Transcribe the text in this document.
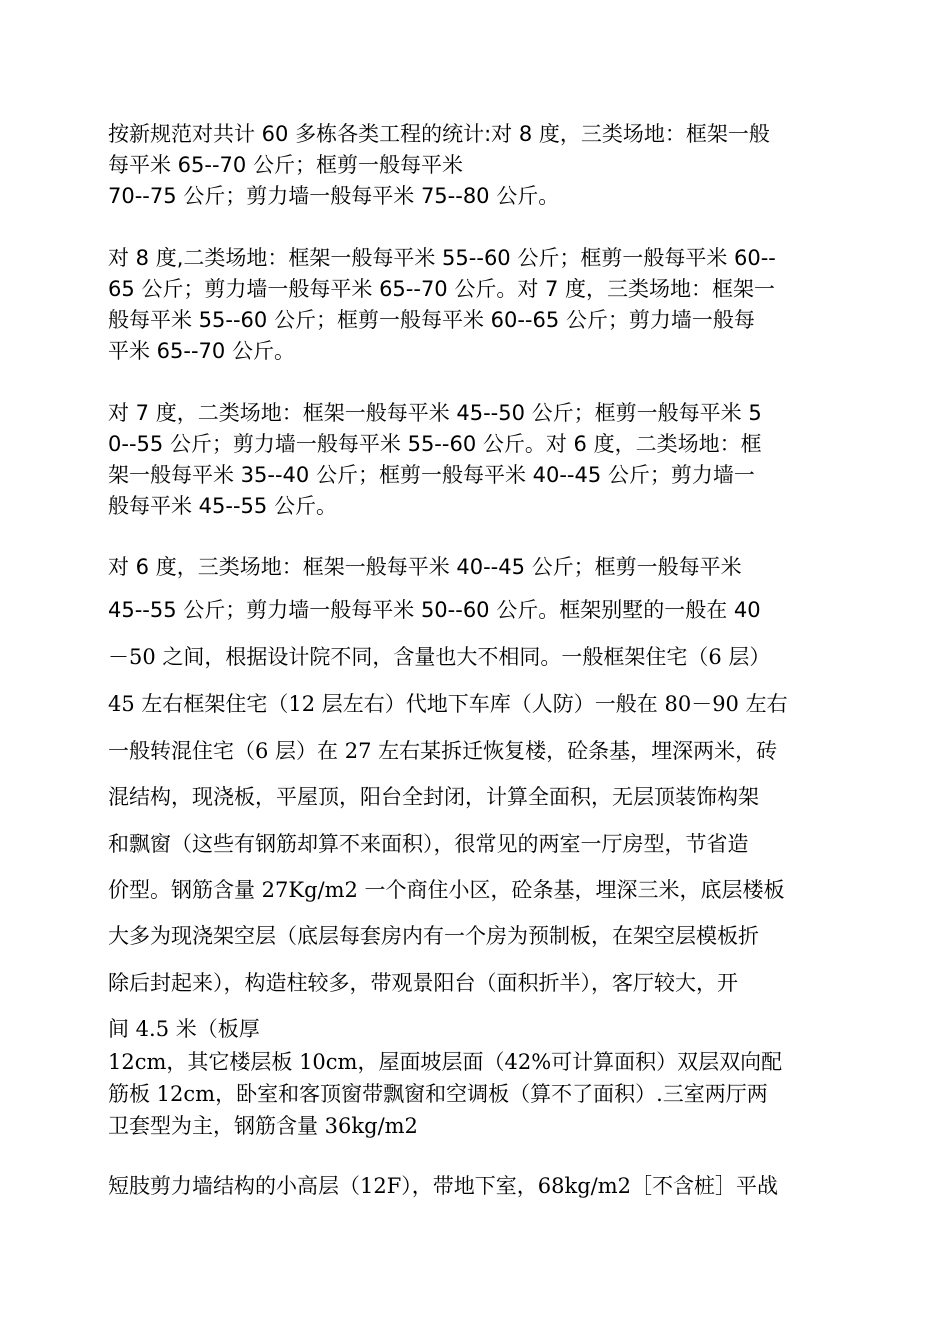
按新规范对共计 60 多栋各类工程的统计:对 8 度，三类场地：框架一般
每平米 65--70 公斤；框剪一般每平米
70--75 公斤；剪力墙一般每平米 75--80 公斤。
对 8 度,二类场地：框架一般每平米 55--60 公斤；框剪一般每平米 60--
65 公斤；剪力墙一般每平米 65--70 公斤。对 7 度，三类场地：框架一
般每平米 55--60 公斤；框剪一般每平米 60--65 公斤；剪力墙一般每
平米 65--70 公斤。
对 7 度，二类场地：框架一般每平米 45--50 公斤；框剪一般每平米 5
0--55 公斤；剪力墙一般每平米 55--60 公斤。对 6 度，二类场地：框
架一般每平米 35--40 公斤；框剪一般每平米 40--45 公斤；剪力墙一
般每平米 45--55 公斤。
对 6 度，三类场地：框架一般每平米 40--45 公斤；框剪一般每平米
45--55 公斤；剪力墙一般每平米 50--60 公斤。框架别墅的一般在 40
－50 之间，根据设计院不同，含量也大不相同。一般框架住宅（6 层）
45 左右框架住宅（12 层左右）代地下车库（人防）一般在 80－90 左右
一般转混住宅（6 层）在 27 左右某拆迁恢复楼，砼条基，埋深两米，砖
混结构，现浇板，平屋顶，阳台全封闭，计算全面积，无层顶装饰构架
和飘窗（这些有钢筋却算不来面积），很常见的两室一厅房型，节省造
价型。钢筋含量 27Kg/m2 一个商住小区，砼条基，埋深三米，底层楼板
大多为现浇架空层（底层每套房内有一个房为预制板，在架空层模板折
除后封起来），构造柱较多，带观景阳台（面积折半），客厅较大，开
间 4.5 米（板厚
12cm，其它楼层板 10cm，屋面坡层面（42%可计算面积）双层双向配
筋板 12cm，卧室和客顶窗带飘窗和空调板（算不了面积）.三室两厅两
卫套型为主，钢筋含量 36kg/m2
短肢剪力墙结构的小高层（12F），带地下室，68kg/m2［不含桩］平战
